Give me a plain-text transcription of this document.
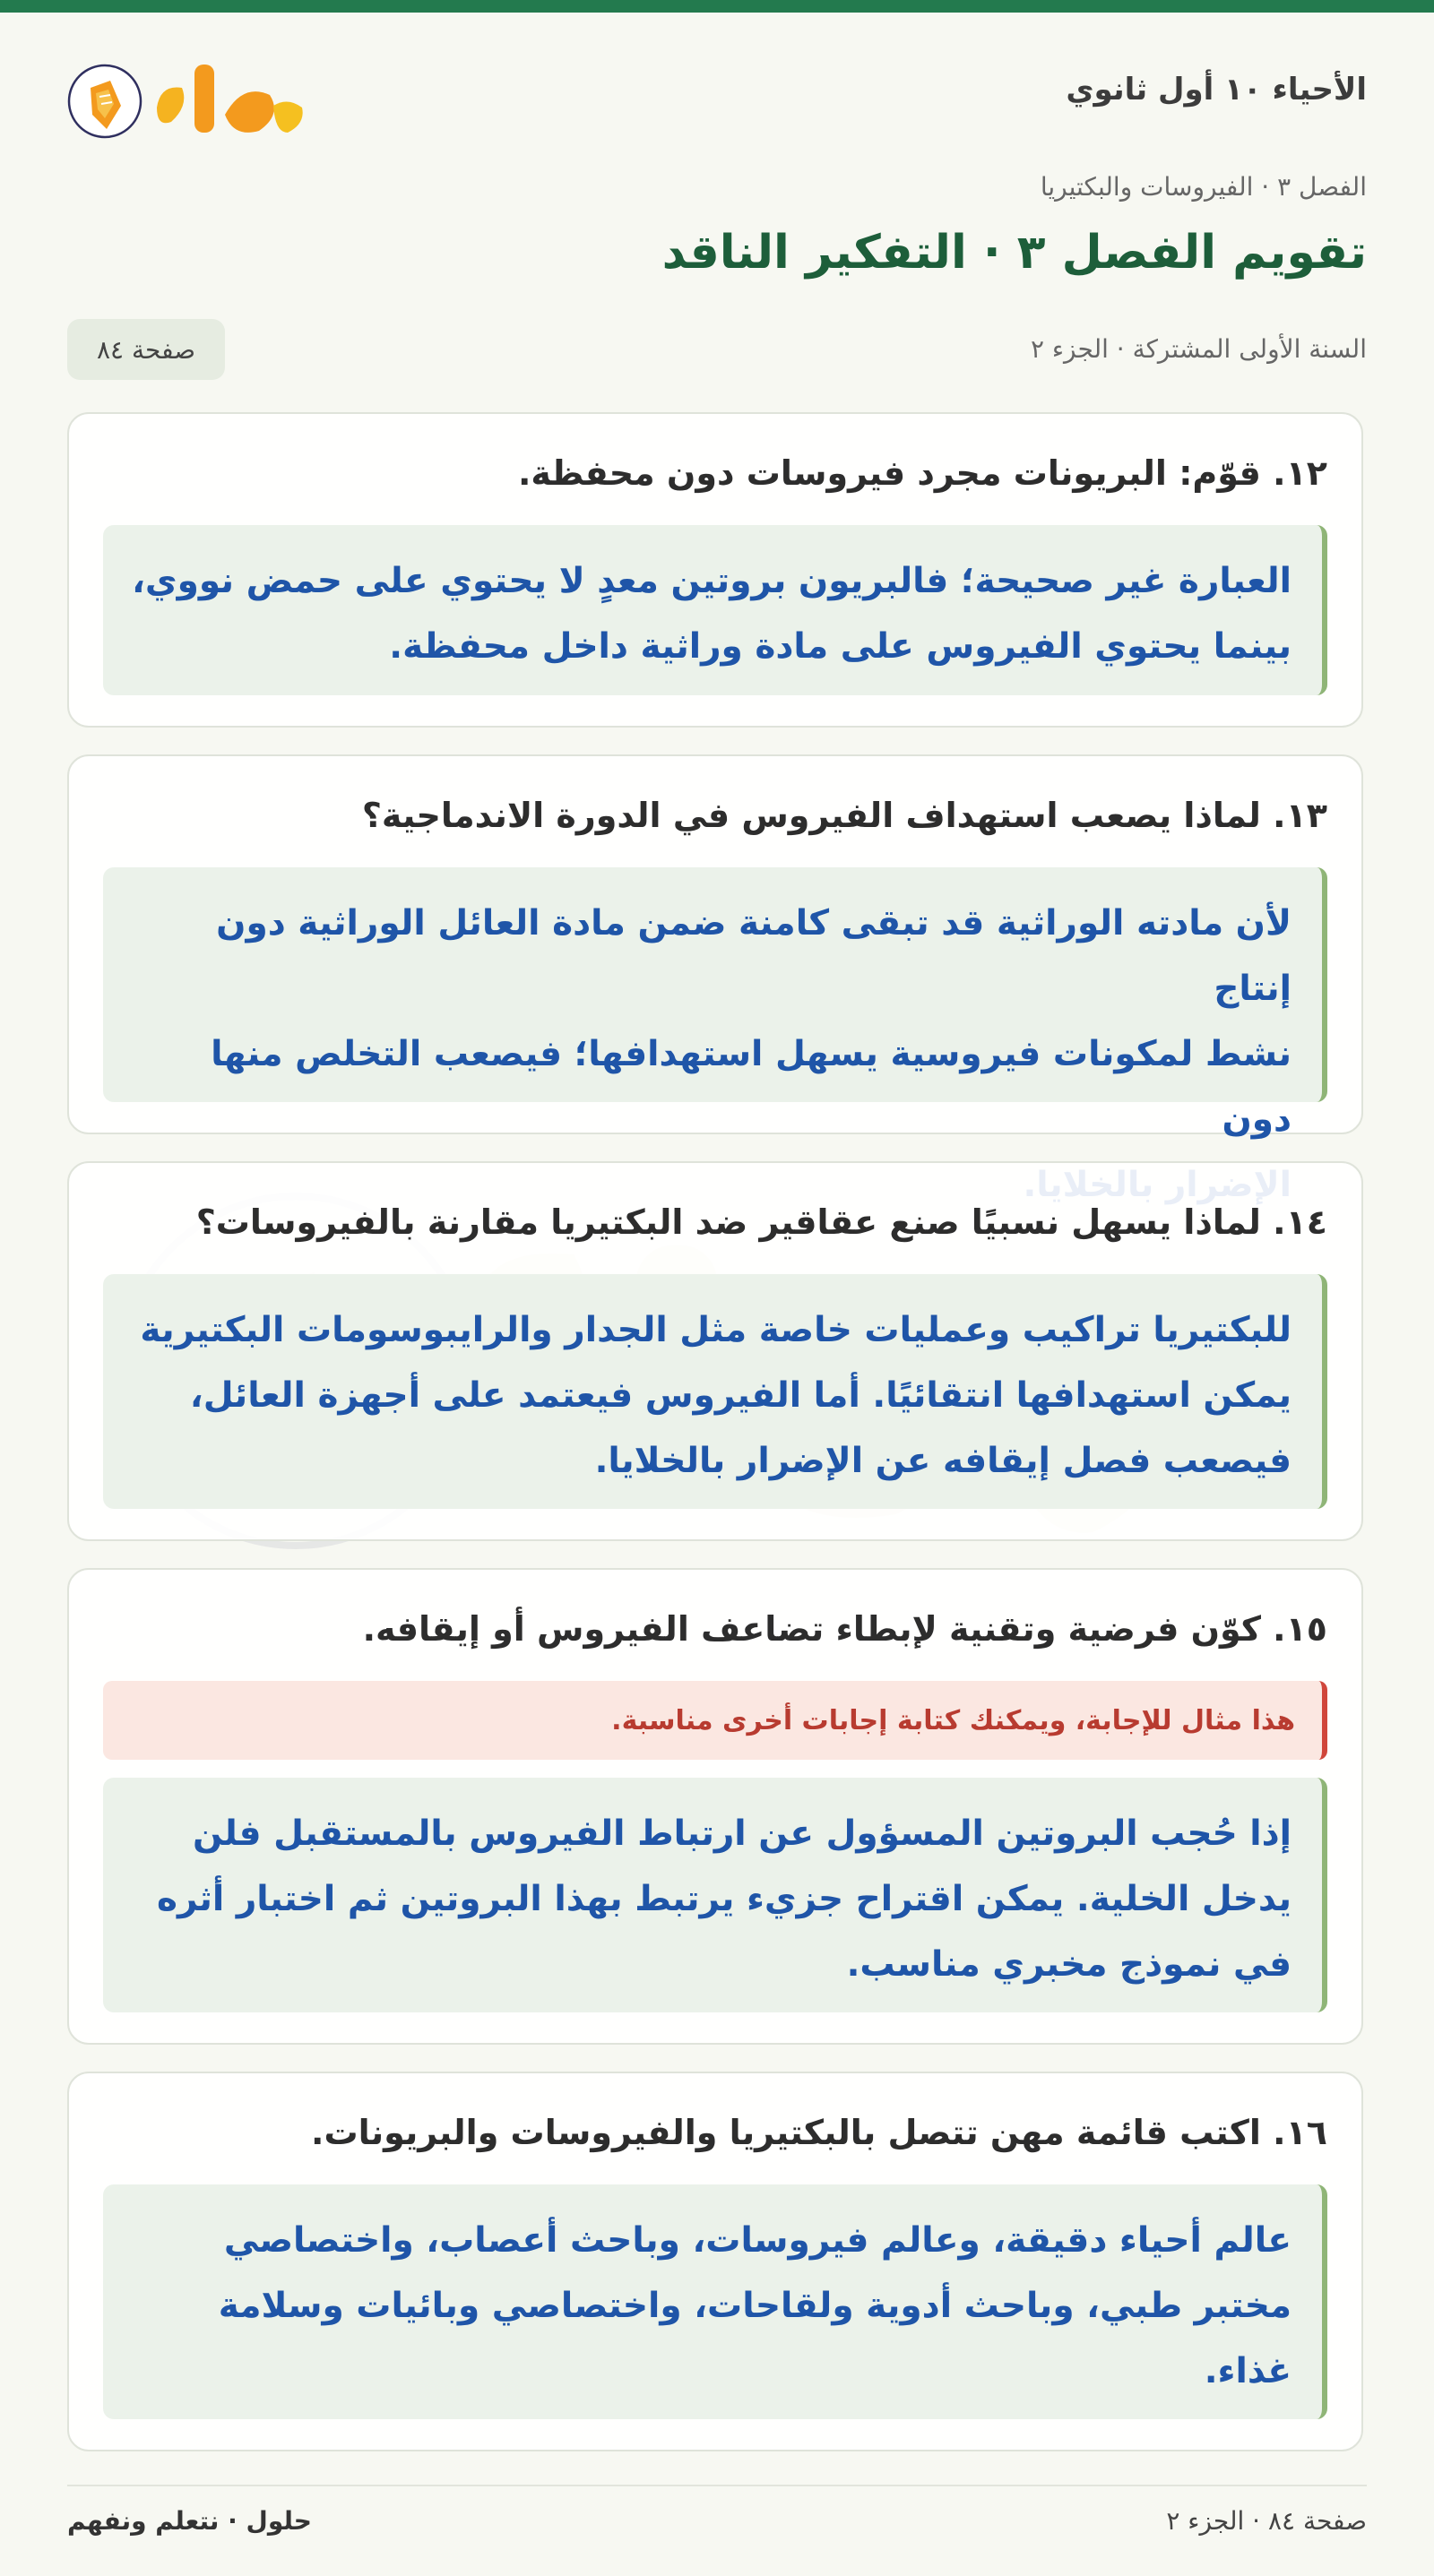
الأحياء ١٠ أول ثانوي
الفصل ٣ · الفيروسات والبكتيريا
تقويم الفصل ٣ · التفكير الناقد
السنة الأولى المشتركة · الجزء ٢
صفحة ٨٤
١٢. قوّم: البريونات مجرد فيروسات دون محفظة.
العبارة غير صحيحة؛ فالبريون بروتين معدٍ لا يحتوي على حمض نووي،
بينما يحتوي الفيروس على مادة وراثية داخل محفظة.
١٣. لماذا يصعب استهداف الفيروس في الدورة الاندماجية؟
لأن مادته الوراثية قد تبقى كامنة ضمن مادة العائل الوراثية دون إنتاج
نشط لمكونات فيروسية يسهل استهدافها؛ فيصعب التخلص منها دون
١٤. لماذا يسهل نسبيًا صنع عقاقير ضد البكتيريا مقارنة بالفيروسات؟
للبكتيريا تراكيب وعمليات خاصة مثل الجدار والرايبوسومات البكتيرية
يمكن استهدافها انتقائيًا. أما الفيروس فيعتمد على أجهزة العائل،
فيصعب فصل إيقافه عن الإضرار بالخلايا.
١٥. كوّن فرضية وتقنية لإبطاء تضاعف الفيروس أو إيقافه.
هذا مثال للإجابة، ويمكنك كتابة إجابات أخرى مناسبة.
إذا حُجب البروتين المسؤول عن ارتباط الفيروس بالمستقبل فلن
يدخل الخلية. يمكن اقتراح جزيء يرتبط بهذا البروتين ثم اختبار أثره
في نموذج مخبري مناسب.
١٦. اكتب قائمة مهن تتصل بالبكتيريا والفيروسات والبريونات.
عالم أحياء دقيقة، وعالم فيروسات، وباحث أعصاب، واختصاصي
مختبر طبي، وباحث أدوية ولقاحات، واختصاصي وبائيات وسلامة
غذاء.
صفحة ٨٤ · الجزء ٢
حلول · نتعلم ونفهم
